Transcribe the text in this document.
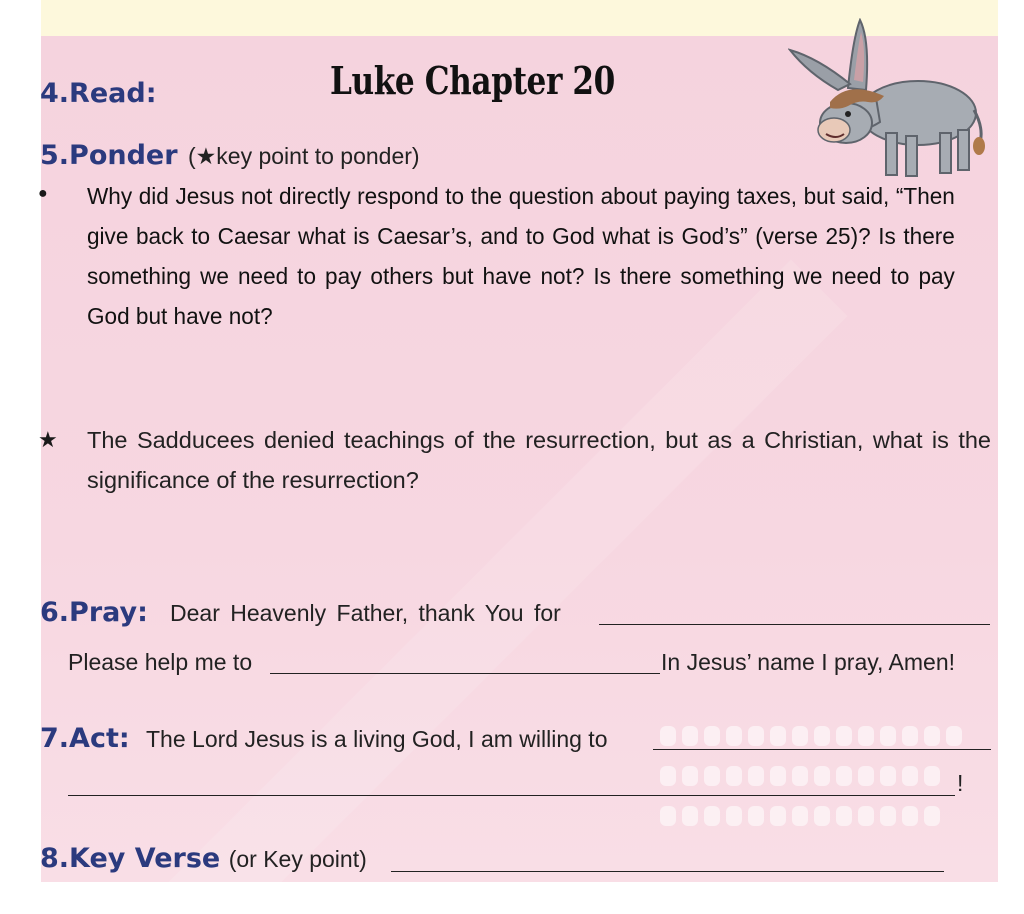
4.Read:	Luke Chapter 20
5.Ponder (★key point to ponder)
● Why did Jesus not directly respond to the question about paying taxes, but said, “Then give back to Caesar what is Caesar’s, and to God what is God’s” (verse 25)? Is there something we need to pay others but have not? Is there something we need to pay God but have not?
★ The Sadducees denied teachings of the resurrection, but as a Christian, what is the significance of the resurrection?
6.Pray: Dear Heavenly Father, thank You for
Please help me to	In Jesus’ name I pray, Amen!
7.Act: The Lord Jesus is a living God, I am willing to
!
8.Key Verse (or Key point)
